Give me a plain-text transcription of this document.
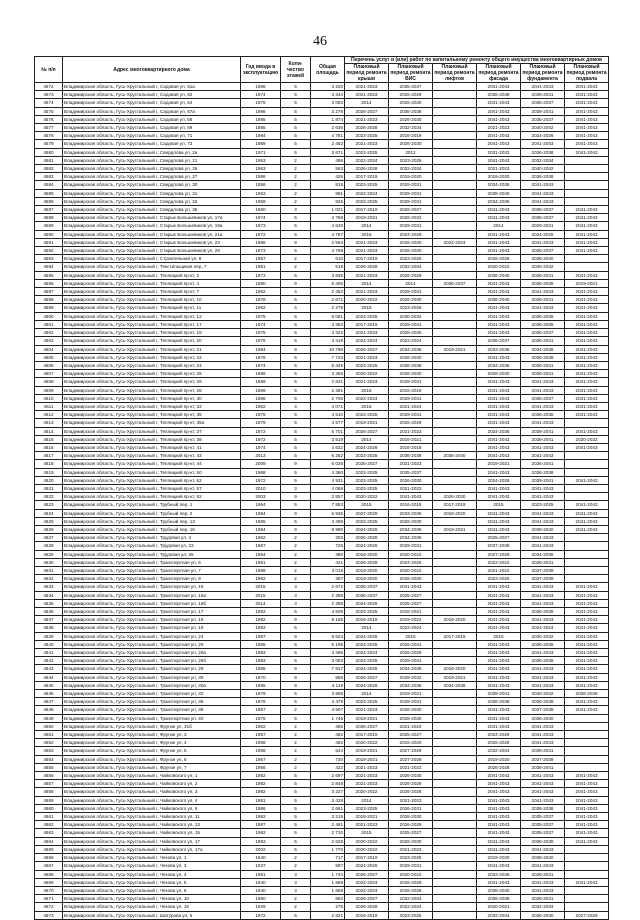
46
№ п/п	Адрес многоквартирного дома	Год ввода в эксплуатацию	Коли-чество этажей	Общая площадь	Перечень услуг и (или) работ по капитальному ремонту общего имущества многоквартирных домов					
					Плановый период ремонта крыши	Плановый период ремонта ВИС	Плановый период ремонта лифтов	Плановый период ремонта фасада	Плановый период ремонта фундамента	Плановый период ремонта подвала
4572	Владимирская область, Гусь-Хрустальный г, Садовая ул, 61а	1986	5	3 220	2021-2023	2035-2037		2041-2043	2041-2043	2041-2043
4573	Владимирская область, Гусь-Хрустальный г, Садовая ул, 62	1974	5	3 344	2021-2023	2026-2029		2036-2038	2039-2041	2041-2043
4574	Владимирская область, Гусь-Хрустальный г, Садовая ул, 64	1976	5	3 093	2014	2026-2030		2041-2043	2035-2037	2041-2043
4575	Владимирская область, Гусь-Хрустальный г, Садовая ул, 67а	1986	5	3 278	2026-2027	2036-2038		2041-2043	2039-2041	2041-2043
4576	Владимирская область, Гусь-Хрустальный г, Садовая ул, 68	1985	5	1 874	2021-2023	2026-2030		2041-2043	2035-2037	2041-2043
4577	Владимирская область, Гусь-Хрустальный г, Садовая ул, 69	1985	5	2 636	2026-2028	2032-2034		2021-2023	2040-2042	2041-2043
4578	Владимирская область, Гусь-Хрустальный г, Садовая ул, 71	1984	5	4 781	2023-2025	2016-2019		2041-2043	2024-2026	2041-2043
4579	Владимирская область, Гусь-Хрустальный г, Садовая ул, 73	1989	5	2 452	2021-2023	2026-2030		2041-2043	2041-2043	2041-2043
4580	Владимирская область, Гусь-Хрустальный г, Свердлова ул, 2а	1971	5	3 671	2023-2025	2012		2031-2033	2036-2038	2041-2043
4581	Владимирская область, Гусь-Хрустальный г, Свердлова ул, 21	1953	2	486	2022-2024	2023-2025		2041-2043	2032-2034	
4582	Владимирская область, Гусь-Хрустальный г, Свердлова ул, 26	1963	2	563	2026-2028	2032-2034		2021-2023	2040-2042	
4583	Владимирская область, Гусь-Хрустальный г, Свердлова ул, 27	1986	2	426	2017-2019	2019-2020		2019-2020	2036-2038	
4584	Владимирская область, Гусь-Хрустальный г, Свердлова ул, 30	1956	2	818	2023-2025	2029-2031		2034-2036	2041-2043	
4585	Владимирская область, Гусь-Хрустальный г, Свердлова ул, 31	1963	2	891	2022-2024	2029-2031		2038-2040	2041-2043	
4586	Владимирская область, Гусь-Хрустальный г, Свердлова ул, 32	1959	2	825	2023-2025	2029-2031		2034-2036	2041-2043	
4587	Владимирская область, Гусь-Хрустальный г, Свердлова ул, 35	1960	3	1 021	2017-2019	2026-2027		2041-2043	2035-2037	2041-2043
4588	Владимирская область, Гусь-Хрустальный г, Старых Большевиков ул, 17а	1974	5	4 758	2019-2021	2026-2032		2041-2043	2035-2037	2041-2043
4589	Владимирская область, Гусь-Хрустальный г, Старых Большевиков ул, 19а	1973	5	4 640	2014	2029-2031		2014	2029-2031	2041-2043
4590	Владимирская область, Гусь-Хрустальный г, Старых Большевиков ул, 21а	1972	5	4 767	2015	2024-2029		2041-2043	2024-2026	2041-2043
4591	Владимирская область, Гусь-Хрустальный г, Старых Большевиков ул, 23	1986	9	2 563	2021-2023	2026-2030	2022-2024	2041-2043	2041-2043	2041-2043
4592	Владимирская область, Гусь-Хрустальный г, Старых Большевиков ул, 26	1973	5	4 769	2021-2023	2026-2030		2041-2043	2035-2037	2041-2043
4593	Владимирская область, Гусь-Хрустальный г, Строительная ул, 8	1957	2	610	2017-2019	2023-2025		2026-2028	2038-2040	
4594	Владимирская область, Гусь-Хрустальный г, Текстильщиков пер, 7	1951	2	519	2026-2028	2032-2034		2020-2022	2040-2042	
4595	Владимирская область, Гусь-Хрустальный г, Теплицкий пр-кт, 2	1973	5	3 836	2021-2023	2026-2029		2036-2040	2039-2041	2041-2043
4596	Владимирская область, Гусь-Хрустальный г, Теплицкий пр-кт, 4	1980	9	6 406	2014	2014	2035-2037	2041-2043	2036-2038	2019-2021
4597	Владимирская область, Гусь-Хрустальный г, Теплицкий пр-кт, 7	1962	4	2 452	2021-2023	2029-2031		2041-2043	2041-2043	2041-2043
4598	Владимирская область, Гусь-Хрустальный г, Теплицкий пр-кт, 10	1978	5	2 671	2020-2022	2026-2030		2036-2040	2039-2041	2041-2043
4599	Владимирская область, Гусь-Хрустальный г, Теплицкий пр-кт, 11	1962	4	2 279	2015	2023-2026		2041-2043	2041-2043	2041-2043
4600	Владимирская область, Гусь-Хрустальный г, Теплицкий пр-кт, 12	1975	5	6 061	2023-2025	2030-2032		2041-2043	2036-2038	2041-2043
4601	Владимирская область, Гусь-Хрустальный г, Теплицкий пр-кт, 17	1974	5	3 363	2017-2019	2029-2031		2041-2043	2038-2039	2041-2043
4602	Владимирская область, Гусь-Хрустальный г, Теплицкий пр-кт, 18	1975	5	3 322	2021-2023	2028-2030		2041-2043	2035-2037	2041-2043
4603	Владимирская область, Гусь-Хрустальный г, Теплицкий пр-кт, 20	1976	5	3 419	2022-2024	2022-2024		2036-2037	2036-2041	2041-2043
4604	Владимирская область, Гусь-Хрустальный г, Теплицкий пр-кт, 21	1984	9	10 768	2026-2027	2034-2036	2019-2021	2033-2035	2034-2036	2041-2043
4605	Владимирская область, Гусь-Хрустальный г, Теплицкий пр-кт, 22	1976	5	7 722	2021-2023	2026-2030		2041-2043	2036-2038	2041-2043
4606	Владимирская область, Гусь-Хрустальный г, Теплицкий пр-кт, 24	1974	5	5 445	2023-2025	2036-2038		2034-2036	2039-2041	2041-2043
4607	Владимирская область, Гусь-Хрустальный г, Теплицкий пр-кт, 25	1986	5	3 355	2020-2022	2026-2030		2028-2030	2039-2041	2041-2043
4608	Владимирская область, Гусь-Хрустальный г, Теплицкий пр-кт, 26	1969	5	2 831	2021-2023	2029-2031		2041-2043	2041-2043	2041-2043
4609	Владимирская область, Гусь-Хрустальный г, Теплицкий пр-кт, 28	1969	5	2 391	2016	2016-2019		2041-2043	2041-2043	2041-2043
4610	Владимирская область, Гусь-Хрустальный г, Теплицкий пр-кт, 30	1966	5	2 706	2022-2024	2029-2031		2041-2043	2035-2037	2041-2043
4611	Владимирская область, Гусь-Хрустальный г, Теплицкий пр-кт, 32	1962	4	4 071	2015	2021-2024		2041-2043	2041-2043	2041-2043
4612	Владимирская область, Гусь-Хрустальный г, Теплицкий пр-кт, 35	1976	5	4 510	2023-2025	2029-2031		2041-2043	2036-2038	2041-2043
4613	Владимирская область, Гусь-Хрустальный г, Теплицкий пр-кт, 35а	1979	5	4 577	2019-2021	2026-2029		2041-2043	2041-2043	
4614	Владимирская область, Гусь-Хрустальный г, Теплицкий пр-кт, 37	1972	5	6 701	2026-2027	2021-2023		2034-2036	2039-2041	2041-2043
4615	Владимирская область, Гусь-Хрустальный г, Теплицкий пр-кт, 39	1972	5	3 519	2014	2016-2021		2041-2043	2039-2041	2030-2032
4616	Владимирская область, Гусь-Хрустальный г, Теплицкий пр-кт, 41	1974	5	4 632	2024-2026	2016-2018		2041-2043	2041-2043	2041-2043
4617	Владимирская область, Гусь-Хрустальный г, Теплицкий пр-кт, 43	2013	5	6 252	2023-2025	2036-2038	2036-2040	2041-2043	2041-2043	
4618	Владимирская область, Гусь-Хрустальный г, Теплицкий пр-кт, 44	2009	9	6 026	2025-2027	2021-2023		2019-2021	2036-2041	
4619	Владимирская область, Гусь-Хрустальный г, Теплицкий пр-кт, 50	1968	5	4 360	2023-2025	2035-2037		2041-2043	2036-2038	
4620	Владимирская область, Гусь-Хрустальный г, Теплицкий пр-кт, 52	1972	5	4 931	2023-2025	2026-2030		2024-2026	2039-2041	2041-2043
4621	Владимирская область, Гусь-Хрустальный г, Теплицкий пр-кт, 57	2010	3	4 069	2023-2025	2021-2023		2041-2043	2041-2043	
4622	Владимирская область, Гусь-Хрустальный г, Теплицкий пр-кт, 62	2003	9	2 557	2020-2022	2041-2043	2026-2030	2041-2043	2041-2043	
4623	Владимирская область, Гусь-Хрустальный г, Трубный пер, 1	1964	5	7 953	2015	2016-2019	2017-2019	2015	2023-2025	2041-2043
4624	Владимирская область, Гусь-Хрустальный г, Трубный пер, 2	1984	9	6 936	2027-2029	2033-2035	2018-2020	2041-2043	2041-2043	2041-2043
4625	Владимирская область, Гусь-Хрустальный г, Трубный пер, 13	1965	5	3 499	2023-2025	2026-2030		2041-2043	2041-2043	2041-2043
4626	Владимирская область, Гусь-Хрустальный г, Трубный пер, 16	1984	9	9 980	2024-2026	2034-2036	2019-2021	2041-2043	2039-2040	2041-2043
4627	Владимирская область, Гусь-Хрустальный г, Трудовая ул, 4	1962	2	303	2026-2028	2034-2036		2025-2027	2041-2043	
4628	Владимирская область, Гусь-Хрустальный г, Трудовая ул, 23	1967	2	726	2024-2026	2029-2031		2037-2039	2041-2043	
4629	Владимирская область, Гусь-Хрустальный г, Трудовая ул, 25	1964	2	380	2018-2020	2020-2022		2027-2029	2034-2036	
4630	Владимирская область, Гусь-Хрустальный г, Транспортная ул, 6	1951	2	421	2026-2028	2024-2026		2022-2022	2039-2041	
4631	Владимирская область, Гусь-Хрустальный г, Транспортная ул, 7	1958	2	3 018	2019-2020	2020-2022		2021-2022	2037-2039	
4632	Владимирская область, Гусь-Хрустальный г, Транспортная ул, 8	1962	2	387	2019-2020	2026-2030		2023-2025	2037-2039	
4633	Владимирская область, Гусь-Хрустальный г, Транспортная ул, 15	2015	3	2 672	2035-2037	2041-2043		2041-2043	2041-2043	2041-2043
4634	Владимирская область, Гусь-Хрустальный г, Транспортная ул, 15а	2015	3	2 388	2035-2037	2025-2027		2041-2043	2041-2043	2041-2043
4635	Владимирская область, Гусь-Хрустальный г, Транспортная ул, 15б	2014	3	2 388	2024-2026	2025-2027		2041-2043	2041-2043	2041-2043
4636	Владимирская область, Гусь-Хрустальный г, Транспортная ул, 17	1983	5	4 509	2023-2025	2018-2021		2041-2043	2036-2038	2041-2043
4637	Владимирская область, Гусь-Хрустальный г, Транспортная ул, 18	1982	9	9 185	2016-2018	2019-2022	2018-2020	2041-2043	2041-2043	2041-2043
4638	Владимирская область, Гусь-Хрустальный г, Транспортная ул, 19	1983	5		2014	2022-2024		2041-2043	2022-2024	2041-2043
4639	Владимирская область, Гусь-Хрустальный г, Транспортная ул, 24	1987	9	8 624	2024-2026	2015	2017-2018	2015	2030-2032	2041-2043
4640	Владимирская область, Гусь-Хрустальный г, Транспортная ул, 26	1985	5	5 198	2023-2025	2026-2031		2041-2043	2036-2038	2041-2043
4641	Владимирская область, Гусь-Хрустальный г, Транспортная ул, 26а	1983	5	3 496	2022-2024	2026-2029		2041-2043	2041-2043	2041-2043
4642	Владимирская область, Гусь-Хрустальный г, Транспортная ул, 26б	1983	5	3 083	2023-2025	2029-2031		2041-2043	2036-2038	2041-2043
4643	Владимирская область, Гусь-Хрустальный г, Транспортная ул, 28	1985	9	7 817	2024-2026	2034-2036	2018-2020	2041-2043	2041-2043	2041-2043
4644	Владимирская область, Гусь-Хрустальный г, Транспортная ул, 30	1970	9	856	2025-2027	2029-2032	2019-2021	2041-2043	2041-2043	2041-2043
4645	Владимирская область, Гусь-Хрустальный г, Транспортная ул, 30а	1985	9	4 119	2024-2026	2034-2036	2034-2036	2041-2043	2041-2043	2041-2043
4646	Владимирская область, Гусь-Хрустальный г, Транспортная ул, 32	1979	5	3 906	2014	2019-2021		2039-2041	2040-2042	2036-2038
4647	Владимирская область, Гусь-Хрустальный г, Транспортная ул, 36	1976	5	3 479	2023-2025	2029-2031		2036-2038	2036-2038	2041-2043
4648	Владимирская область, Гусь-Хрустальный г, Транспортная ул, 38	1957	2	4 507	2021-2023	2026-2030		2041-2043	2037-2039	2041-2043
4649	Владимирская область, Гусь-Хрустальный г, Транспортная ул, 40	1976	5	1 746	2019-2021	2028-2030		2041-2043	2036-2040	
4650	Владимирская область, Гусь-Хрустальный г, Фрунзе ул, 31б	1962	2	485	2025-2027	2021-2023		2041-2043	2041-2043	
4651	Владимирская область, Гусь-Хрустальный г, Фрунзе ул, 3	1957	2	482	2017-2019	2025-2027		2024-2026	2041-2043	
4652	Владимирская область, Гусь-Хрустальный г, Фрунзе ул, 4	1958	2	482	2020-2022	2016-2020		2026-2028	2041-2043	
4653	Владимирская область, Гусь-Хрустальный г, Фрунзе ул, 5	1958	2	544	2019-2021	2027-2029		2032-2034	2039-2041	
4654	Владимирская область, Гусь-Хрустальный г, Фрунзе ул, 6	1967	2	730	2019-2021	2027-2029		2019-2020	2037-2039	
4655	Владимирская область, Гусь-Хрустальный г, Фрунзе ул, 7	1956	2	422	2021-2023	2021-2023		2026-2028	2039-2041	
4656	Владимирская область, Гусь-Хрустальный г, Чайковского ул, 1	1982	5	2 697	2021-2023	2026-2030		2041-2043	2041-2043	2041-2043
4657	Владимирская область, Гусь-Хрустальный г, Чайковского ул, 2	1982	5	2 848	2021-2023	2026-2029		2041-2043	2041-2043	2041-2043
4658	Владимирская область, Гусь-Хрустальный г, Чайковского ул, 3	1982	5	3 227	2020-2022	2026-2028		2041-2043	2041-2043	2041-2043
4659	Владимирская область, Гусь-Хрустальный г, Чайковского ул, 4	1981	5	3 428	2014	2021-2023		2041-2043	2041-2043	2041-2043
4660	Владимирская область, Гусь-Хрустальный г, Чайковского ул, 6	1986	5	2 661	2023-2025	2026-2031		2041-2043	2036-2038	2041-2043
4661	Владимирская область, Гусь-Хрустальный г, Чайковского ул, 11	1982	5	3 219	2019-2021	2028-2030		2041-2043	2035-2037	2041-2043
4662	Владимирская область, Гусь-Хрустальный г, Чайковского ул, 13	1987	5	2 481	2021-2023	2026-2029		2041-2043	2035-2037	2041-2043
4663	Владимирская область, Гусь-Хрустальный г, Чайковского ул, 15	1982	5	2 710	2015	2025-2027		2041-2043	2035-2037	2041-2043
4664	Владимирская область, Гусь-Хрустальный г, Чайковского ул, 17	1993	5	2 628	2020-2022	2026-2030		2041-2043	2036-2038	2041-2043
4665	Владимирская область, Гусь-Хрустальный г, Чайковского ул, 17а	2002	5	1 770	2020-2022	2021-2023		2041-2043	2041-2043	
4666	Владимирская область, Гусь-Хрустальный г, Чехова ул, 1	1940	2	717	2017-2019	2023-2025		2019-2020	2038-2040	
4667	Владимирская область, Гусь-Хрустальный г, Чехова ул, 3	1937	2	587	2024-2026	2029-2031		2041-2043	2041-2043	
4668	Владимирская область, Гусь-Хрустальный г, Чехова ул, 4	1961	3	1 744	2025-2027	2020-2022		2033-2035	2039-2041	
4669	Владимирская область, Гусь-Хрустальный г, Чехова ул, 5	1940	3	1 889	2022-2024	2026-2029		2041-2043	2041-2043	2041-2043
4670	Владимирская область, Гусь-Хрустальный г, Чехова ул, 6	1940	3	1 659	2022-2024	2026-2028		2038-2040	2041-2043	
4671	Владимирская область, Гусь-Хрустальный г, Чехова ул, 10	1950	2	862	2026-2027	2032-2034		2036-2038	2039-2041	
4672	Владимирская область, Гусь-Хрустальный г, Чехова ул, 16	1929	2	276	2026-2028	2022-2024		2020-2021	2032-2034	
4673	Владимирская область, Гусь-Хрустальный г, Шатурова ул, 5	1972	5	2 821	2016-2019	2023-2025		2032-2034	2036-2040	2027-2029
